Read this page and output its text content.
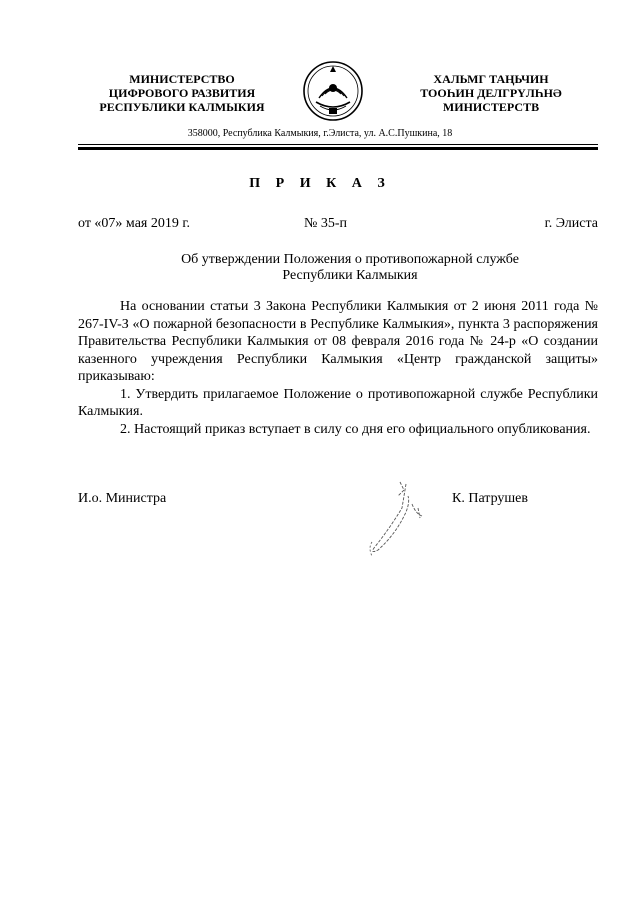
МИНИСТЕРСТВО
ЦИФРОВОГО РАЗВИТИЯ
РЕСПУБЛИКИ КАЛМЫКИЯ
ХАЛЬМГ ТАҢЬЧИН
ТООҺИН ДЕЛГРҮЛҺНӘ
МИНИСТЕРСТВ
358000, Республика Калмыкия, г.Элиста, ул. А.С.Пушкина, 18
П Р И К А З
от «07» мая 2019 г.	№ 35-п	г. Элиста
Об утверждении Положения о противопожарной службе
Республики Калмыкия

На основании статьи 3 Закона Республики Калмыкия от 2 июня 2011 года № 267-IV-З «О пожарной безопасности в Республике Калмыкия», пункта 3 распоряжения Правительства Республики Калмыкия от 08 февраля 2016 года № 24-р «О создании казенного учреждения Республики Калмыкия «Центр гражданской защиты» приказываю:

1. Утвердить прилагаемое Положение о противопожарной службе Республики Калмыкия.

2. Настоящий приказ вступает в силу со дня его официального опубликования.

И.о. Министра	К. Патрушев
